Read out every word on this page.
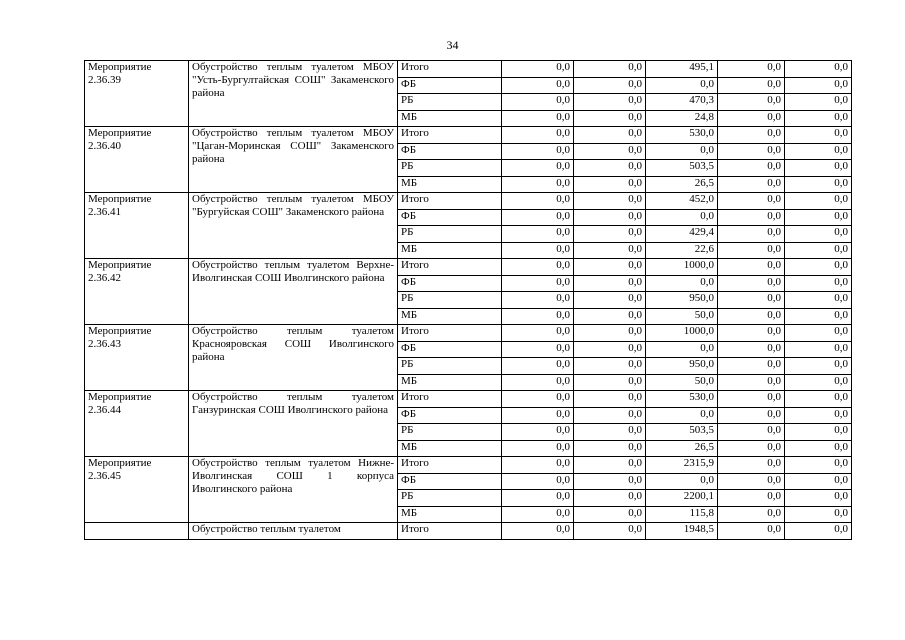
34
Мероприятие 2.36.39	Обустройство теплым туалетом МБОУ "Усть-Бургултайская СОШ" Закаменского района	Итого	0,0	0,0	495,1	0,0	0,0
		ФБ	0,0	0,0	0,0	0,0	0,0
		РБ	0,0	0,0	470,3	0,0	0,0
		МБ	0,0	0,0	24,8	0,0	0,0

Мероприятие 2.36.40	Обустройство теплым туалетом МБОУ "Цаган-Моринская СОШ" Закаменского района	Итого	0,0	0,0	530,0	0,0	0,0
		ФБ	0,0	0,0	0,0	0,0	0,0
		РБ	0,0	0,0	503,5	0,0	0,0
		МБ	0,0	0,0	26,5	0,0	0,0

Мероприятие 2.36.41	Обустройство теплым туалетом МБОУ "Бургуйская СОШ" Закаменского района	Итого	0,0	0,0	452,0	0,0	0,0
		ФБ	0,0	0,0	0,0	0,0	0,0
		РБ	0,0	0,0	429,4	0,0	0,0
		МБ	0,0	0,0	22,6	0,0	0,0

Мероприятие 2.36.42	Обустройство теплым туалетом Верхне-Иволгинская СОШ Иволгинского района	Итого	0,0	0,0	1000,0	0,0	0,0
		ФБ	0,0	0,0	0,0	0,0	0,0
		РБ	0,0	0,0	950,0	0,0	0,0
		МБ	0,0	0,0	50,0	0,0	0,0

Мероприятие 2.36.43	Обустройство теплым туалетом Краснояровская СОШ Иволгинского района	Итого	0,0	0,0	1000,0	0,0	0,0
		ФБ	0,0	0,0	0,0	0,0	0,0
		РБ	0,0	0,0	950,0	0,0	0,0
		МБ	0,0	0,0	50,0	0,0	0,0

Мероприятие 2.36.44	Обустройство теплым туалетом Ганзуринская СОШ Иволгинского района	Итого	0,0	0,0	530,0	0,0	0,0
		ФБ	0,0	0,0	0,0	0,0	0,0
		РБ	0,0	0,0	503,5	0,0	0,0
		МБ	0,0	0,0	26,5	0,0	0,0

Мероприятие 2.36.45	Обустройство теплым туалетом Нижне-Иволгинская СОШ 1 корпуса Иволгинского района	Итого	0,0	0,0	2315,9	0,0	0,0
		ФБ	0,0	0,0	0,0	0,0	0,0
		РБ	0,0	0,0	2200,1	0,0	0,0
		МБ	0,0	0,0	115,8	0,0	0,0

	Обустройство теплым туалетом	Итого	0,0	0,0	1948,5	0,0	0,0
